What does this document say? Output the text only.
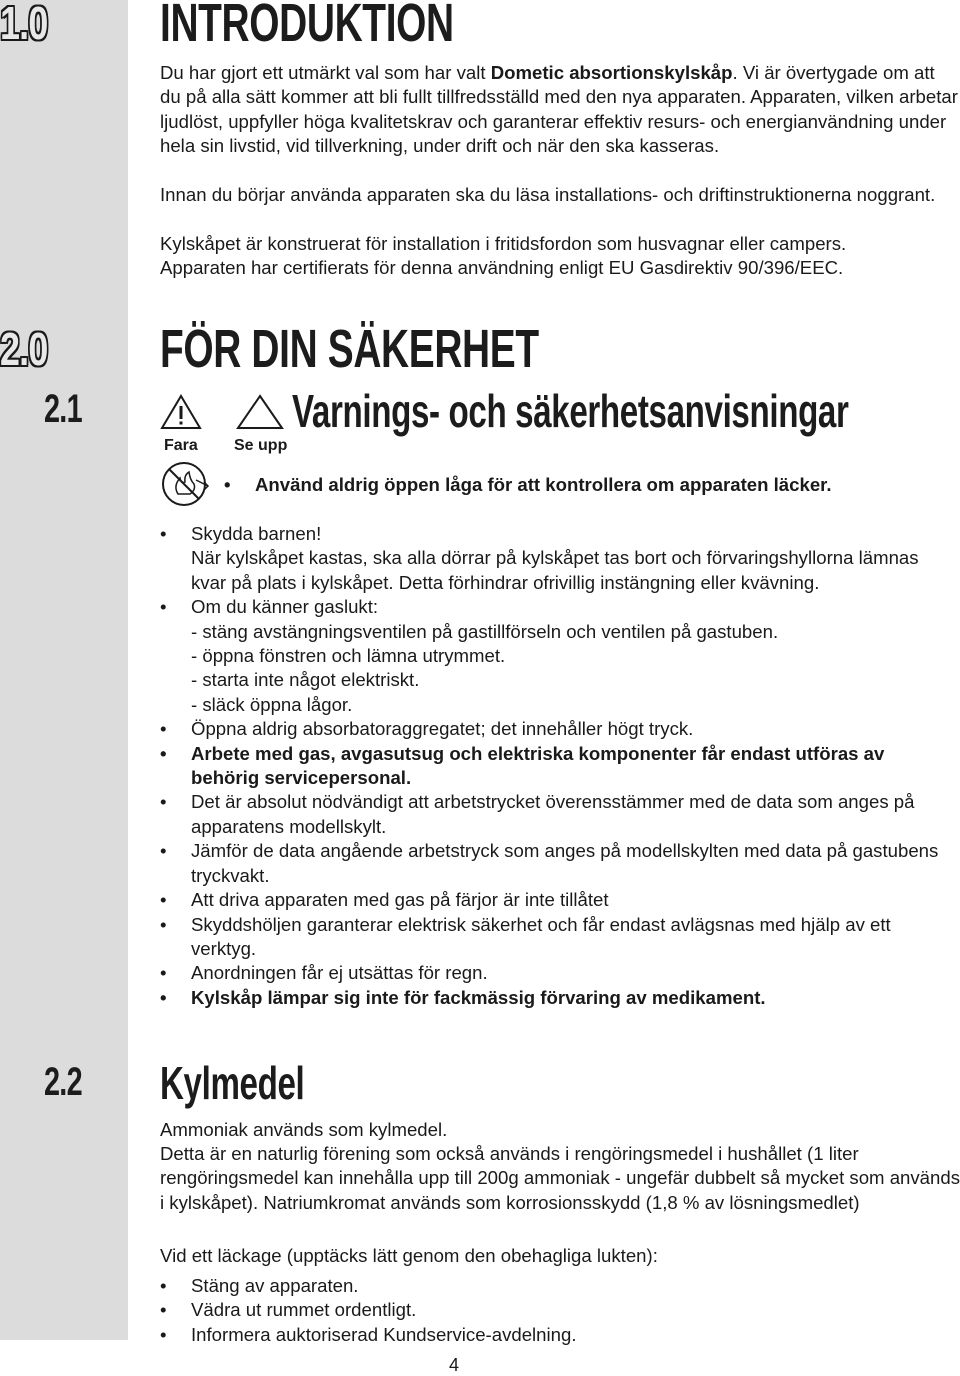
1.0	INTRODUKTION

Du har gjort ett utmärkt val som har valt Dometic absortionskylskåp. Vi är övertygade om att du på alla sätt kommer att bli fullt tillfredsställd med den nya apparaten. Apparaten, vilken arbetar ljudlöst, uppfyller höga kvalitetskrav och garanterar effektiv resurs- och energianvändning under hela sin livstid, vid tillverkning, under drift och när den ska kasseras.

Innan du börjar använda apparaten ska du läsa installations- och driftinstruktionerna noggrant.

Kylskåpet är konstruerat för installation i fritidsfordon som husvagnar eller campers.

Apparaten har certifierats för denna användning enligt EU Gasdirektiv 90/396/EEC.

2.0	FÖR DIN SÄKERHET
2.1
Fara Se upp
Varnings- och säkerhetsanvisningar
• Använd aldrig öppen låga för att kontrollera om apparaten läcker.
• Skydda barnen!
När kylskåpet kastas, ska alla dörrar på kylskåpet tas bort och förvaringshyllorna lämnas kvar på plats i kylskåpet. Detta förhindrar ofrivillig instängning eller kvävning.
• Om du känner gaslukt:
- stäng avstängningsventilen på gastillförseln och ventilen på gastuben.
- öppna fönstren och lämna utrymmet.
- starta inte något elektriskt.
- släck öppna lågor.
• Öppna aldrig absorbatoraggregatet; det innehåller högt tryck.
• Arbete med gas, avgasutsug och elektriska komponenter får endast utföras av behörig servicepersonal.
• Det är absolut nödvändigt att arbetstrycket överensstämmer med de data som anges på apparatens modellskylt.
• Jämför de data angående arbetstryck som anges på modellskylten med data på gastubens tryckvakt.
• Att driva apparaten med gas på färjor är inte tillåtet
• Skyddshöljen garanterar elektrisk säkerhet och får endast avlägsnas med hjälp av ett verktyg.
• Anordningen får ej utsättas för regn.
• Kylskåp lämpar sig inte för fackmässig förvaring av medikament.
2.2	Kylmedel

Ammoniak används som kylmedel.

Detta är en naturlig förening som också används i rengöringsmedel i hushållet (1 liter rengöringsmedel kan innehålla upp till 200g ammoniak - ungefär dubbelt så mycket som används i kylskåpet). Natriumkromat används som korrosionsskydd (1,8 % av lösningsmedlet)

Vid ett läckage (upptäcks lätt genom den obehagliga lukten):

• Stäng av apparaten.
• Vädra ut rummet ordentligt.
• Informera auktoriserad Kundservice-avdelning.
4
